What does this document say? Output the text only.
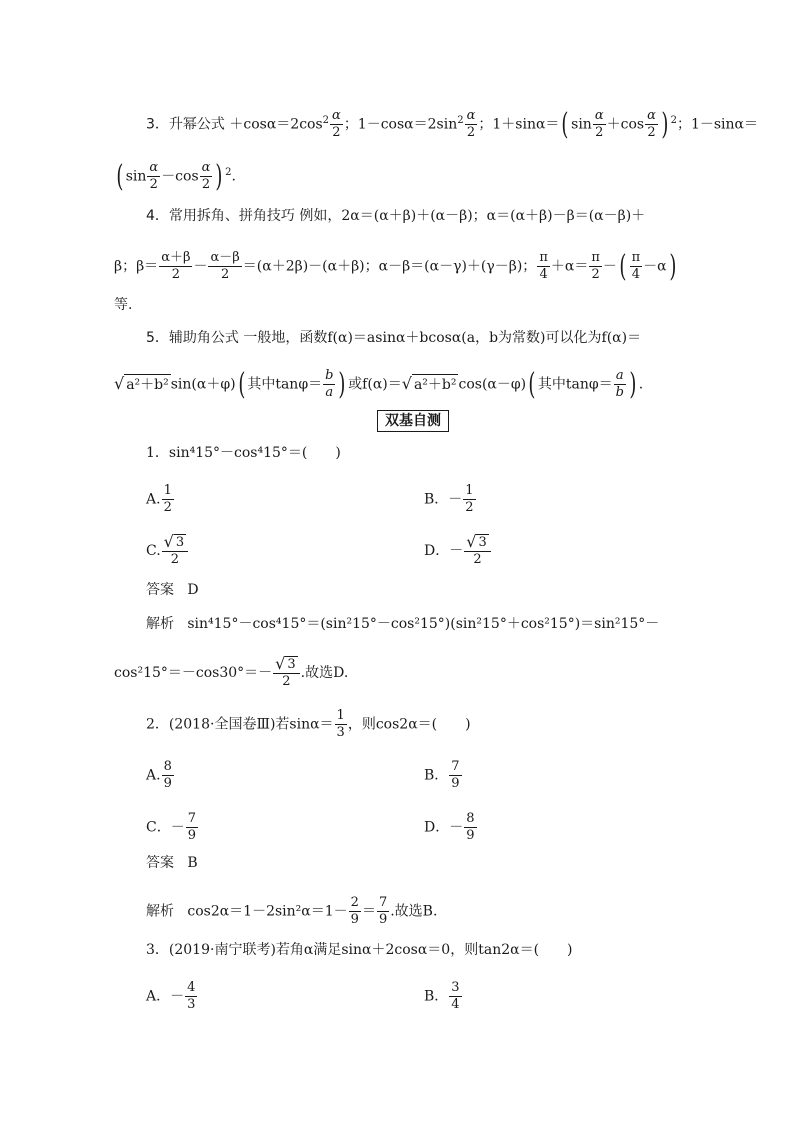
3．升幂公式 $+\cos\alpha=2\cos^2 \frac{\alpha}{2}$ ；$1-\cos\alpha=2\sin^2 \frac{\alpha}{2}$ ；1＋sinα＝( $\sin \frac{\alpha}{2} +\cos \frac{\alpha}{2}$ ) $^2$；1－sinα＝
( $\sin \frac{\alpha}{2} -\cos \frac{\alpha}{2}$ ) $^2$.
4．常用拆角、拼角技巧 例如，2α＝(α＋β)＋(α－β)；α＝(α＋β)－β＝(α－β)＋
β；$\beta= \frac{\alpha+\beta}{2} - \frac{\alpha-\beta}{2} =(\alpha+2\beta)-(\alpha+\beta)$；α－β＝(α－γ)＋(γ－β)； $\frac{\pi}{4} +\alpha= \frac{\pi}{2}$ －( $\frac{\pi}{4} -\alpha$)
等.
5．辅助角公式 一般地，函数f(α)＝asinα＋bcosα(a，b为常数)可以化为f(α)＝
√ a²＋b² sin(α＋φ)( 其中$\tan\varphi= \frac{b}{a}$ ) 或f(α)＝ √ a²＋b² cos(α－φ)( 其中$\tan\varphi= \frac{a}{b}$ ) .
双基自测
1．sin⁴15°－cos⁴15°＝(　　)
A. $\frac{1}{2}$	B．－ $\frac{1}{2}$
C. $\frac{√ 3}{2}$	D．－ $\frac{√ 3}{2}$
答案 D
解析 sin⁴15°－cos⁴15°＝(sin²15°－cos²15°)(sin²15°＋cos²15°)＝sin²15°－
$\cos^215^\circ=-\cos 30^\circ=- \frac{√ 3}{2}$ .故选D.
2．(2018·全国卷Ⅲ)若$\sin\alpha= \frac{1}{3}$ ，则cos2α＝(　　)
A. $\frac{8}{9}$	B． $\frac{7}{9}$
C．－ $\frac{7}{9}$	D．－ $\frac{8}{9}$
答案 B
解析 $\cos 2\alpha=1-2\sin^2\alpha=1- \frac{2}{9} = \frac{7}{9}$ .故选B.
3．(2019·南宁联考)若角α满足sinα＋2cosα＝0，则tan2α＝(　　)
A．－ $\frac{4}{3}$	B． $\frac{3}{4}$
